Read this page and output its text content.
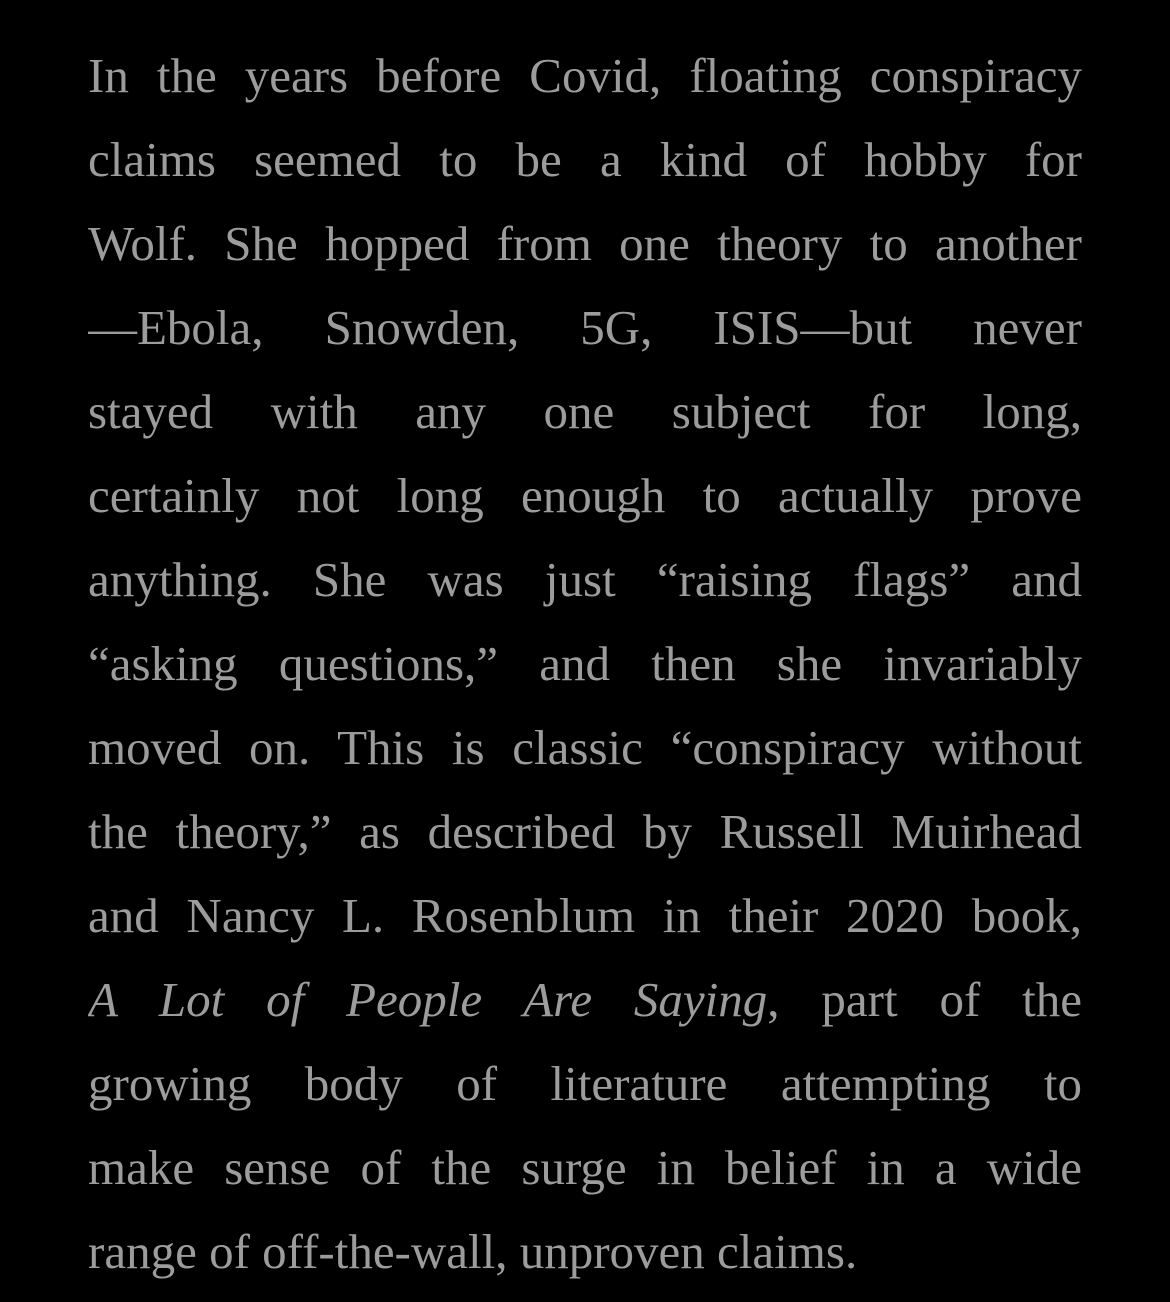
In the years before Covid, floating conspiracy
claims seemed to be a kind of hobby for
Wolf. She hopped from one theory to another
—Ebola, Snowden, 5G, ISIS—but never
stayed with any one subject for long,
certainly not long enough to actually prove
anything. She was just “raising flags” and
“asking questions,” and then she invariably
moved on. This is classic “conspiracy without
the theory,” as described by Russell Muirhead
and Nancy L. Rosenblum in their 2020 book,
A Lot of People Are Saying, part of the
growing body of literature attempting to
make sense of the surge in belief in a wide
range of off-the-wall, unproven claims.
